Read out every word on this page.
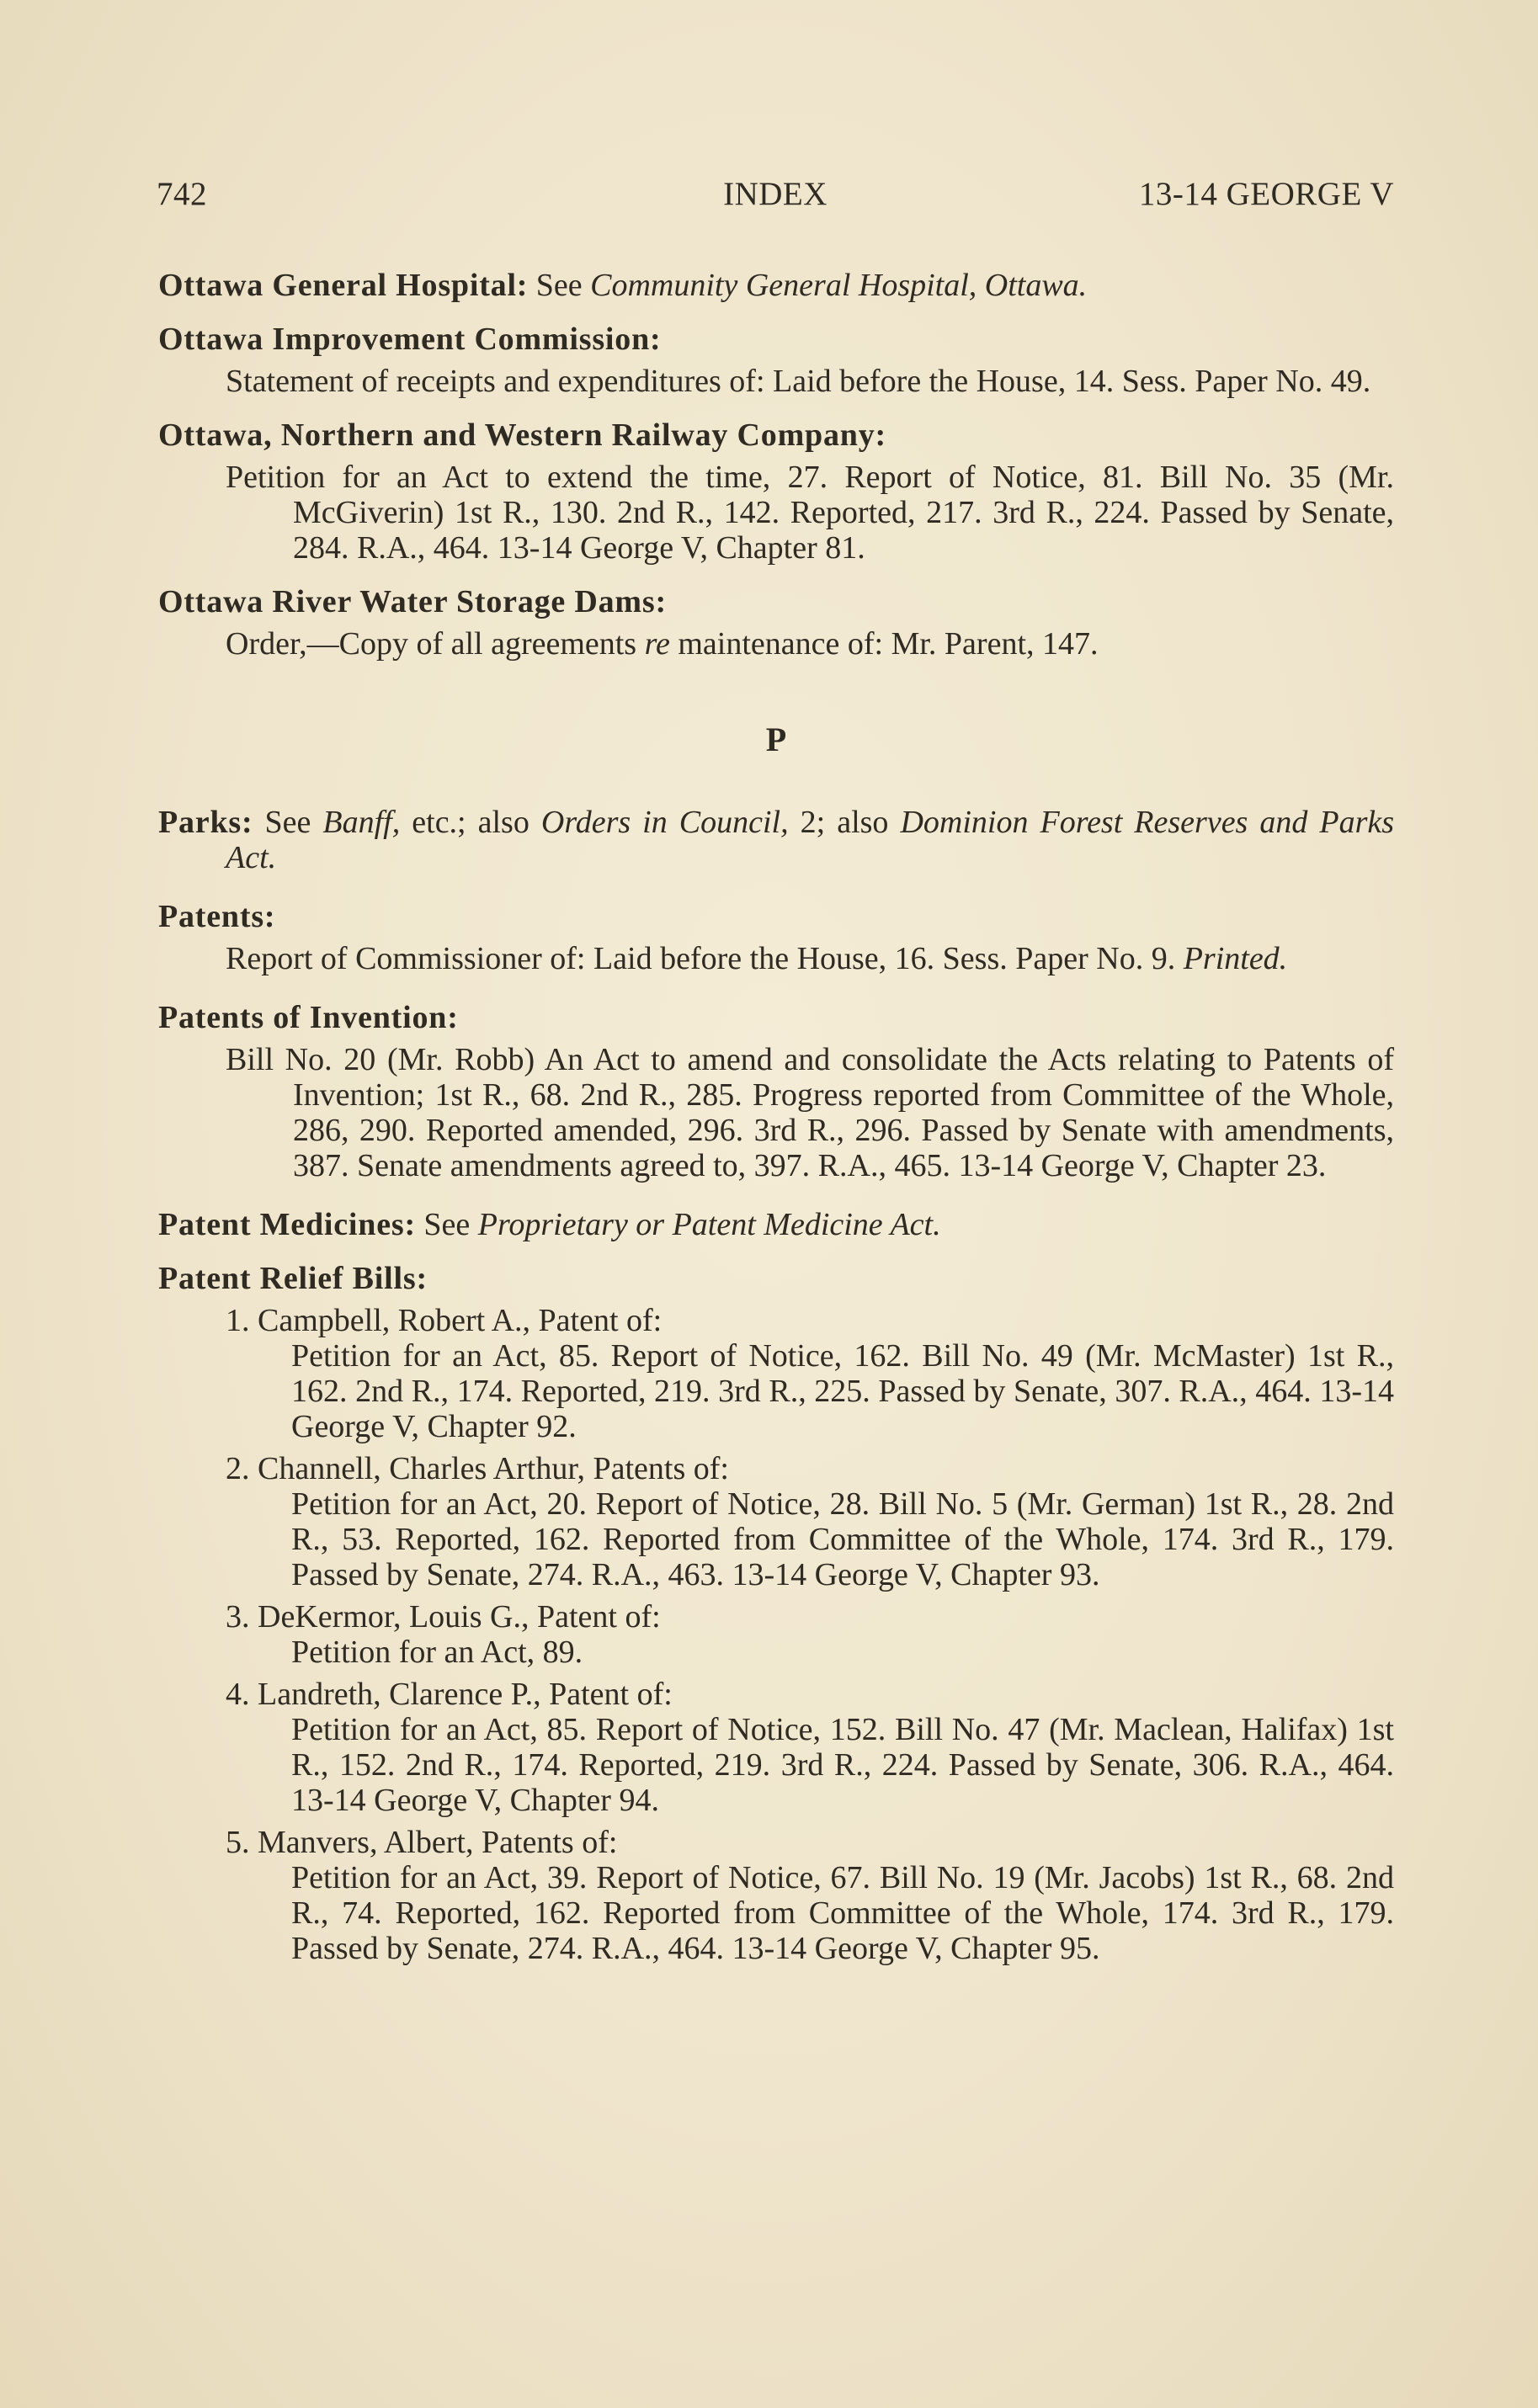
742	INDEX	13-14 GEORGE V
Ottawa General Hospital: See Community General Hospital, Ottawa.
Ottawa Improvement Commission:
Statement of receipts and expenditures of: Laid before the House, 14. Sess. Paper No. 49.
Ottawa, Northern and Western Railway Company:
Petition for an Act to extend the time, 27. Report of Notice, 81. Bill No. 35 (Mr. McGiverin) 1st R., 130. 2nd R., 142. Reported, 217. 3rd R., 224. Passed by Senate, 284. R.A., 464. 13-14 George V, Chapter 81.
Ottawa River Water Storage Dams:
Order,—Copy of all agreements re maintenance of: Mr. Parent, 147.
P
Parks: See Banff, etc.; also Orders in Council, 2; also Dominion Forest Reserves and Parks Act.
Patents:
Report of Commissioner of: Laid before the House, 16. Sess. Paper No. 9. Printed.
Patents of Invention:
Bill No. 20 (Mr. Robb) An Act to amend and consolidate the Acts relating to Patents of Invention; 1st R., 68. 2nd R., 285. Progress reported from Committee of the Whole, 286, 290. Reported amended, 296. 3rd R., 296. Passed by Senate with amendments, 387. Senate amendments agreed to, 397. R.A., 465. 13-14 George V, Chapter 23.
Patent Medicines: See Proprietary or Patent Medicine Act.
Patent Relief Bills:
1. Campbell, Robert A., Patent of:
Petition for an Act, 85. Report of Notice, 162. Bill No. 49 (Mr. McMaster) 1st R., 162. 2nd R., 174. Reported, 219. 3rd R., 225. Passed by Senate, 307. R.A., 464. 13-14 George V, Chapter 92.
2. Channell, Charles Arthur, Patents of:
Petition for an Act, 20. Report of Notice, 28. Bill No. 5 (Mr. German) 1st R., 28. 2nd R., 53. Reported, 162. Reported from Committee of the Whole, 174. 3rd R., 179. Passed by Senate, 274. R.A., 463. 13-14 George V, Chapter 93.
3. DeKermor, Louis G., Patent of:
Petition for an Act, 89.
4. Landreth, Clarence P., Patent of:
Petition for an Act, 85. Report of Notice, 152. Bill No. 47 (Mr. Maclean, Halifax) 1st R., 152. 2nd R., 174. Reported, 219. 3rd R., 224. Passed by Senate, 306. R.A., 464. 13-14 George V, Chapter 94.
5. Manvers, Albert, Patents of:
Petition for an Act, 39. Report of Notice, 67. Bill No. 19 (Mr. Jacobs) 1st R., 68. 2nd R., 74. Reported, 162. Reported from Committee of the Whole, 174. 3rd R., 179. Passed by Senate, 274. R.A., 464. 13-14 George V, Chapter 95.
